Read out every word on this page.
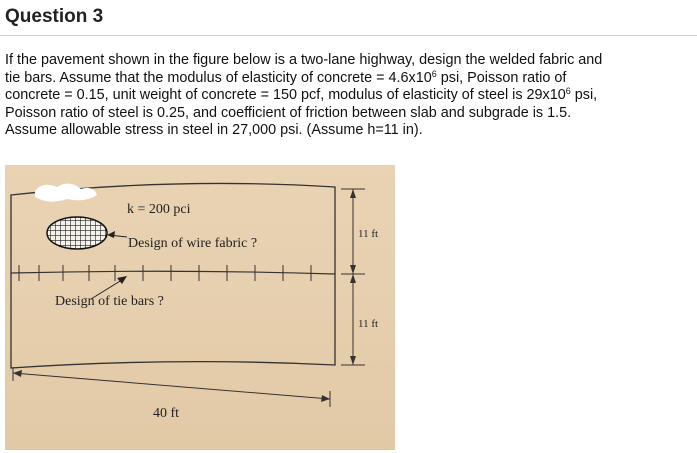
Question 3

If the pavement shown in the figure below is a two-lane highway, design the welded fabric and
tie bars. Assume that the modulus of elasticity of concrete = $4.6x10^6$ psi, Poisson ratio of
concrete = 0.15, unit weight of concrete = 150 pcf, modulus of elasticity of steel is $29x10^6$ psi,
Poisson ratio of steel is 0.25, and coefficient of friction between slab and subgrade is 1.5.
Assume allowable stress in steel in 27,000 psi. (Assume h=11 in).

k = 200 pci
Design of wire fabric ?
Design of tie bars ?
11 ft
11 ft
40 ft
